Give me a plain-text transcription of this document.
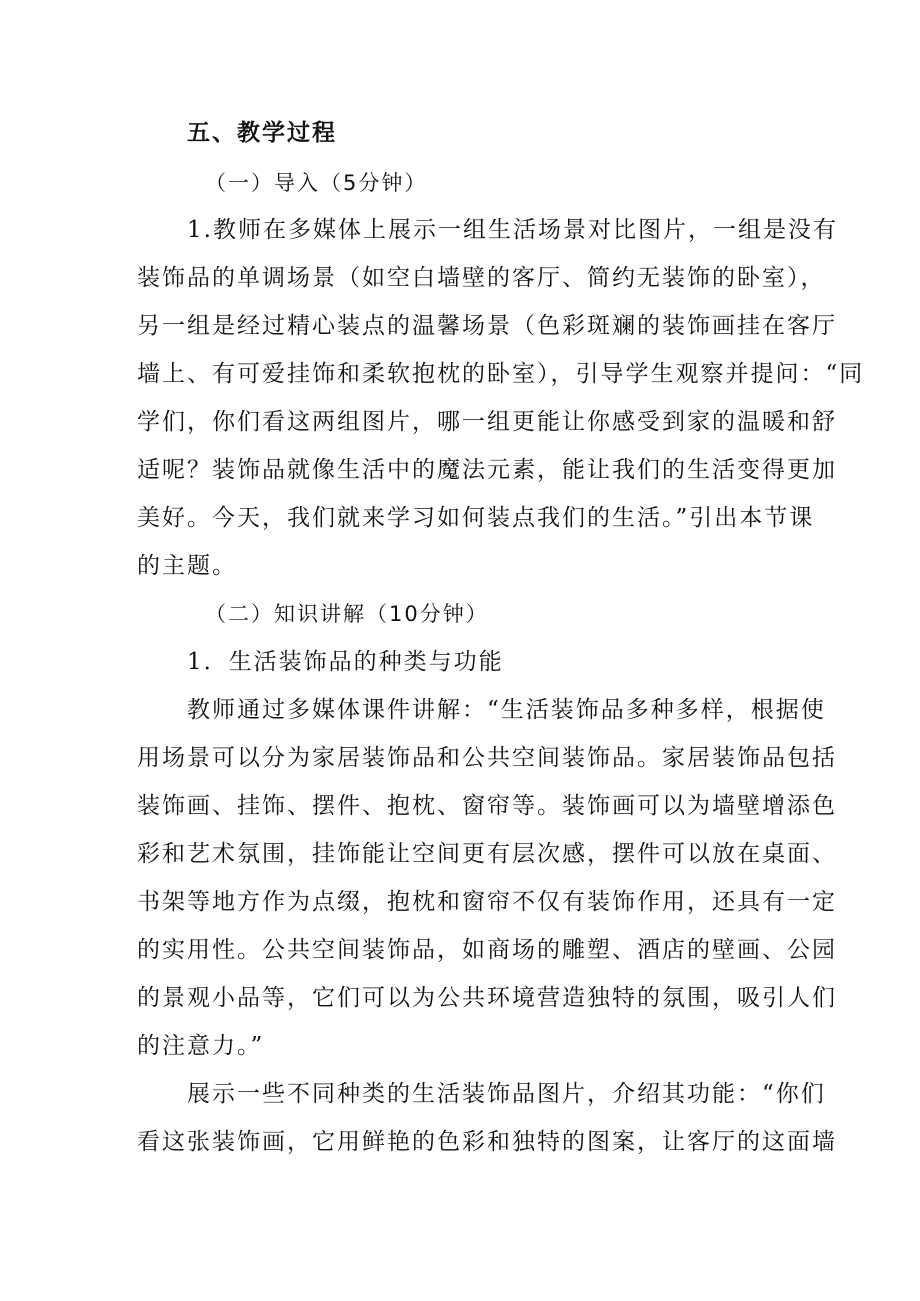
五、教学过程

（一）导入（5分钟）

1.教师在多媒体上展示一组生活场景对比图片，一组是没有

装饰品的单调场景（如空白墙壁的客厅、简约无装饰的卧室），

另一组是经过精心装点的温馨场景（色彩斑斓的装饰画挂在客厅

墙上、有可爱挂饰和柔软抱枕的卧室），引导学生观察并提问：“同

学们，你们看这两组图片，哪一组更能让你感受到家的温暖和舒

适呢？装饰品就像生活中的魔法元素，能让我们的生活变得更加

美好。今天，我们就来学习如何装点我们的生活。”引出本节课

的主题。

（二）知识讲解（10分钟）

1．生活装饰品的种类与功能

教师通过多媒体课件讲解：“生活装饰品多种多样，根据使

用场景可以分为家居装饰品和公共空间装饰品。家居装饰品包括

装饰画、挂饰、摆件、抱枕、窗帘等。装饰画可以为墙壁增添色

彩和艺术氛围，挂饰能让空间更有层次感，摆件可以放在桌面、

书架等地方作为点缀，抱枕和窗帘不仅有装饰作用，还具有一定

的实用性。公共空间装饰品，如商场的雕塑、酒店的壁画、公园

的景观小品等，它们可以为公共环境营造独特的氛围，吸引人们

的注意力。”

展示一些不同种类的生活装饰品图片，介绍其功能：“你们

看这张装饰画，它用鲜艳的色彩和独特的图案，让客厅的这面墙
